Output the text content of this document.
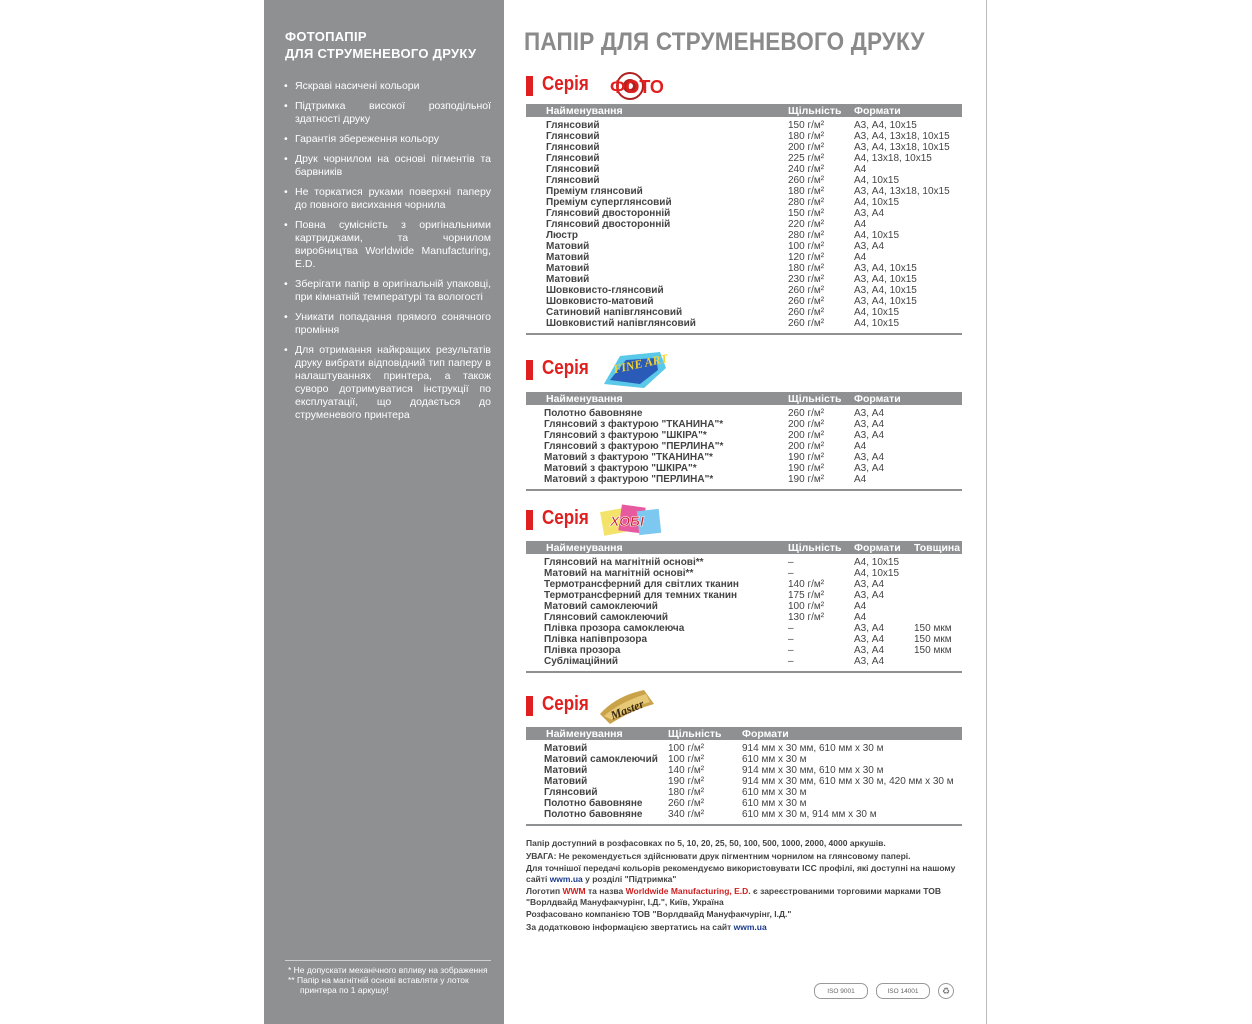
ФОТОПАПІР
ДЛЯ СТРУМЕНЕВОГО ДРУКУ
• Яскраві насичені кольори
• Підтримка високої розподільної здатності друку
• Гарантія збереження кольору
• Друк чорнилом на основі пігментів та барвників
• Не торкатися руками поверхні паперу до повного висихання чорнила
• Повна сумісність з оригінальними картриджами, та чорнилом виробництва Worldwide Manufacturing, E.D.
• Зберігати папір в оригінальній упаковці, при кімнатній температурі та вологості
• Уникати попадання прямого сонячного проміння
• Для отримання найкращих результатів друку вибрати відповідний тип паперу в налаштуваннях принтера, а також суворо дотримуватися інструкції по експлуатації, що додається до струменевого принтера
* Не допускати механічного впливу на зображення
** Папір на магнітній основі вставляти у лоток принтера по 1 аркушу!
ПАПІР ДЛЯ СТРУМЕНЕВОГО ДРУКУ
Серія ФОТО
Найменування	Щільність	Формати
Глянсовий	150 г/м²	А3, А4, 10х15
Глянсовий	180 г/м²	А3, А4, 13х18, 10х15
Глянсовий	200 г/м²	А3, А4, 13х18, 10х15
Глянсовий	225 г/м²	А4, 13х18, 10х15
Глянсовий	240 г/м²	А4
Глянсовий	260 г/м²	А4, 10х15
Преміум глянсовий	180 г/м²	А3, А4, 13х18, 10х15
Преміум суперглянсовий	280 г/м²	А4, 10х15
Глянсовий двосторонній	150 г/м²	А3, А4
Глянсовий двосторонній	220 г/м²	А4
Люстр	280 г/м²	А4, 10х15
Матовий	100 г/м²	А3, А4
Матовий	120 г/м²	А4
Матовий	180 г/м²	А3, А4, 10х15
Матовий	230 г/м²	А3, А4, 10х15
Шовковисто-глянсовий	260 г/м²	А3, А4, 10х15
Шовковисто-матовий	260 г/м²	А3, А4, 10х15
Сатиновий напівглянсовий	260 г/м²	А4, 10х15
Шовковистий напівглянсовий	260 г/м²	А4, 10х15
Серія FINE ART
Найменування	Щільність	Формати
Полотно бавовняне	260 г/м²	А3, А4
Глянсовий з фактурою "ТКАНИНА"*	200 г/м²	А3, А4
Глянсовий з фактурою "ШКІРА"*	200 г/м²	А3, А4
Глянсовий з фактурою "ПЕРЛИНА"*	200 г/м²	А4
Матовий з фактурою "ТКАНИНА"*	190 г/м²	А3, А4
Матовий з фактурою "ШКІРА"*	190 г/м²	А3, А4
Матовий з фактурою "ПЕРЛИНА"*	190 г/м²	А4
Серія ХОБІ
Найменування	Щільність	Формати	Товщина
Глянсовий на магнітній основі**	–	А4, 10х15	
Матовий на магнітній основі**	–	А4, 10х15	
Термотрансферний для світлих тканин	140 г/м²	А3, А4	
Термотрансферний для темних тканин	175 г/м²	А3, А4	
Матовий самоклеючий	100 г/м²	А4	
Глянсовий самоклеючий	130 г/м²	А4	
Плівка прозора самоклеюча	–	А3, А4	150 мкм
Плівка напівпрозора	–	А3, А4	150 мкм
Плівка прозора	–	А3, А4	150 мкм
Сублімаційний	–	А3, А4	
Серія Master
Найменування	Щільність	Формати
Матовий	100 г/м²	914 мм х 30 мм, 610 мм х 30 м
Матовий самоклеючий	100 г/м²	610 мм х 30 м
Матовий	140 г/м²	914 мм х 30 мм, 610 мм х 30 м
Матовий	190 г/м²	914 мм х 30 мм, 610 мм х 30 м, 420 мм х 30 м
Глянсовий	180 г/м²	610 мм х 30 м
Полотно бавовняне	260 г/м²	610 мм х 30 м
Полотно бавовняне	340 г/м²	610 мм х 30 м, 914 мм х 30 м

Папір доступний в розфасовках по 5, 10, 20, 25, 50, 100, 500, 1000, 2000, 4000 аркушів.

УВАГА: Не рекомендується здійснювати друк пігментним чорнилом на глянсовому папері.

Для точнішої передачі кольорів рекомендуємо використовувати ICC профілі, які доступні на нашому сайті wwm.ua у розділі "Підтримка"

Логотип WWM та назва Worldwide Manufacturing, E.D. є зареєстрованими торговими марками ТОВ "Ворлдвайд Мануфакчурінг, І.Д.", Київ, Україна

Розфасовано компанією ТОВ "Ворлдвайд Мануфакчурінг, І.Д."

За додатковою інформацією звертатись на сайт wwm.ua

ISO 9001	ISO 14001	♻
